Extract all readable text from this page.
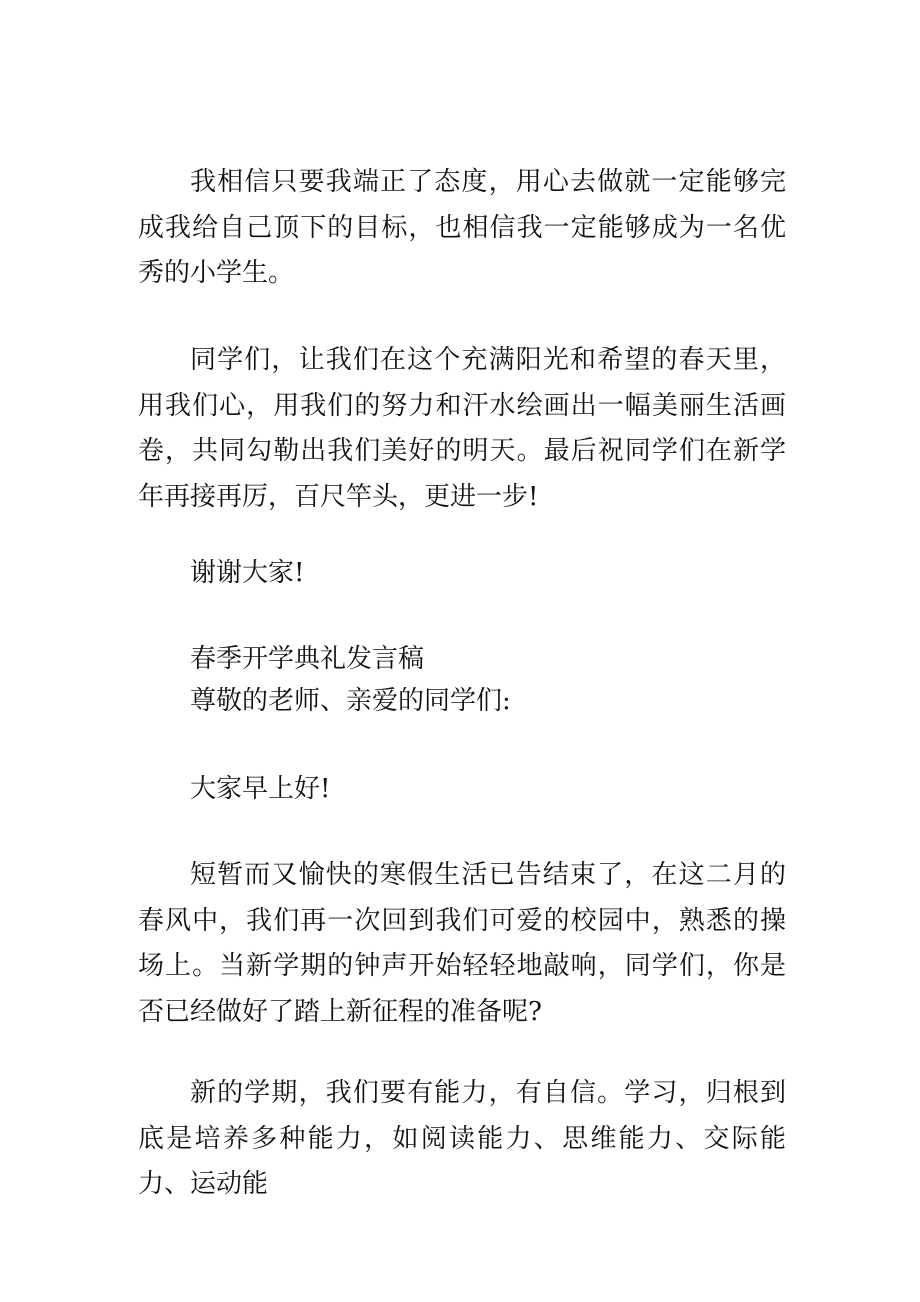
我相信只要我端正了态度，用心去做就一定能够完成我给自己顶下的目标，也相信我一定能够成为一名优秀的小学生。

同学们，让我们在这个充满阳光和希望的春天里，用我们心，用我们的努力和汗水绘画出一幅美丽生活画卷，共同勾勒出我们美好的明天。最后祝同学们在新学年再接再厉，百尺竿头，更进一步!

谢谢大家!

春季开学典礼发言稿

尊敬的老师、亲爱的同学们:

大家早上好!

短暂而又愉快的寒假生活已告结束了，在这二月的春风中，我们再一次回到我们可爱的校园中，熟悉的操场上。当新学期的钟声开始轻轻地敲响，同学们，你是否已经做好了踏上新征程的准备呢?

新的学期，我们要有能力，有自信。学习，归根到底是培养多种能力，如阅读能力、思维能力、交际能力、运动能
